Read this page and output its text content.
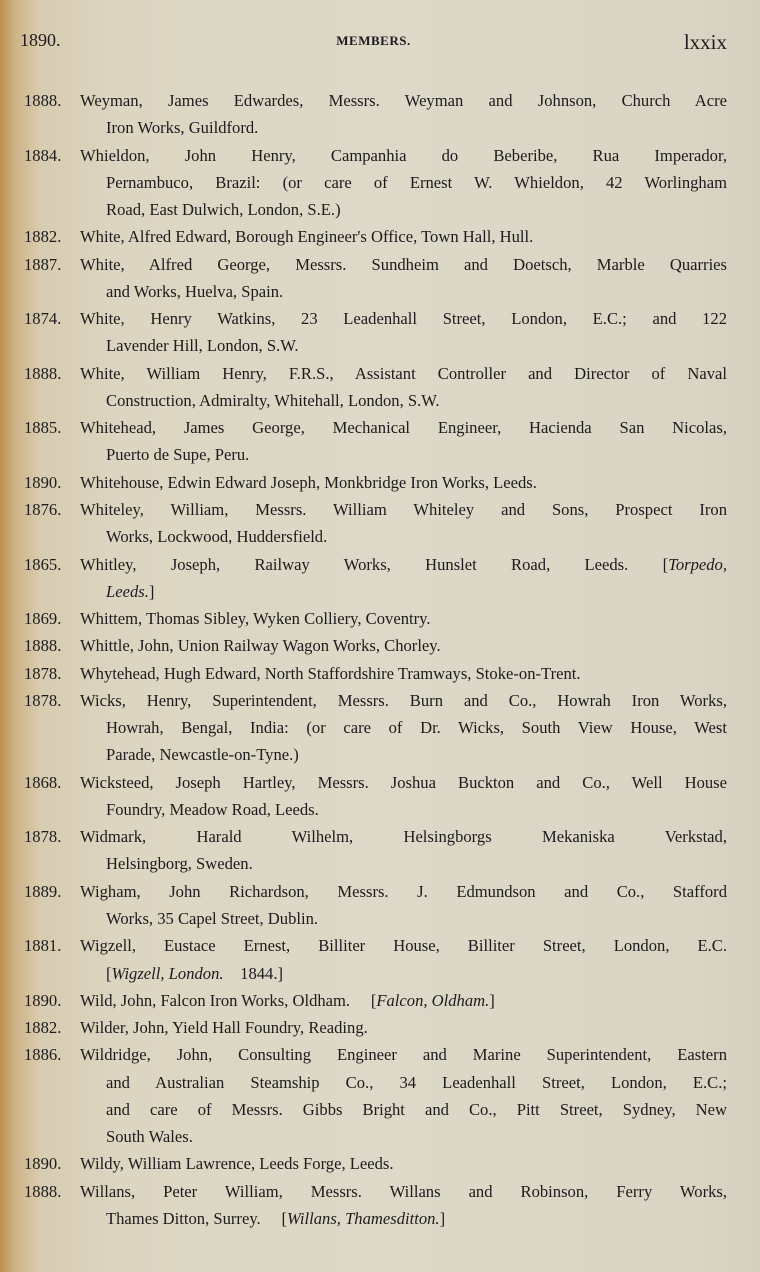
1890.	MEMBERS.	lxxix
1888.	Weyman, James Edwardes, Messrs. Weyman and Johnson, Church Acre
Iron Works, Guildford.
1884.	Whieldon, John Henry, Campanhia do Beberibe, Rua Imperador,
Pernambuco, Brazil: (or care of Ernest W. Whieldon, 42 Worlingham
Road, East Dulwich, London, S.E.)
1882.	White, Alfred Edward, Borough Engineer's Office, Town Hall, Hull.
1887.	White, Alfred George, Messrs. Sundheim and Doetsch, Marble Quarries
and Works, Huelva, Spain.
1874.	White, Henry Watkins, 23 Leadenhall Street, London, E.C.; and 122
Lavender Hill, London, S.W.
1888.	White, William Henry, F.R.S., Assistant Controller and Director of Naval
Construction, Admiralty, Whitehall, London, S.W.
1885.	Whitehead, James George, Mechanical Engineer, Hacienda San Nicolas,
Puerto de Supe, Peru.
1890.	Whitehouse, Edwin Edward Joseph, Monkbridge Iron Works, Leeds.
1876.	Whiteley, William, Messrs. William Whiteley and Sons, Prospect Iron
Works, Lockwood, Huddersfield.
1865.	Whitley, Joseph, Railway Works, Hunslet Road, Leeds. [Torpedo,
Leeds.]
1869.	Whittem, Thomas Sibley, Wyken Colliery, Coventry.
1888.	Whittle, John, Union Railway Wagon Works, Chorley.
1878.	Whytehead, Hugh Edward, North Staffordshire Tramways, Stoke-on-Trent.
1878.	Wicks, Henry, Superintendent, Messrs. Burn and Co., Howrah Iron Works,
Howrah, Bengal, India: (or care of Dr. Wicks, South View House, West
Parade, Newcastle-on-Tyne.)
1868.	Wicksteed, Joseph Hartley, Messrs. Joshua Buckton and Co., Well House
Foundry, Meadow Road, Leeds.
1878.	Widmark, Harald Wilhelm, Helsingborgs Mekaniska Verkstad,
Helsingborg, Sweden.
1889.	Wigham, John Richardson, Messrs. J. Edmundson and Co., Stafford
Works, 35 Capel Street, Dublin.
1881.	Wigzell, Eustace Ernest, Billiter House, Billiter Street, London, E.C.
[Wigzell, London.  1844.]
1890.	Wild, John, Falcon Iron Works, Oldham.  [Falcon, Oldham.]
1882.	Wilder, John, Yield Hall Foundry, Reading.
1886.	Wildridge, John, Consulting Engineer and Marine Superintendent, Eastern
and Australian Steamship Co., 34 Leadenhall Street, London, E.C.;
and care of Messrs. Gibbs Bright and Co., Pitt Street, Sydney, New
South Wales.
1890.	Wildy, William Lawrence, Leeds Forge, Leeds.
1888.	Willans, Peter William, Messrs. Willans and Robinson, Ferry Works,
Thames Ditton, Surrey.  [Willans, Thamesditton.]
